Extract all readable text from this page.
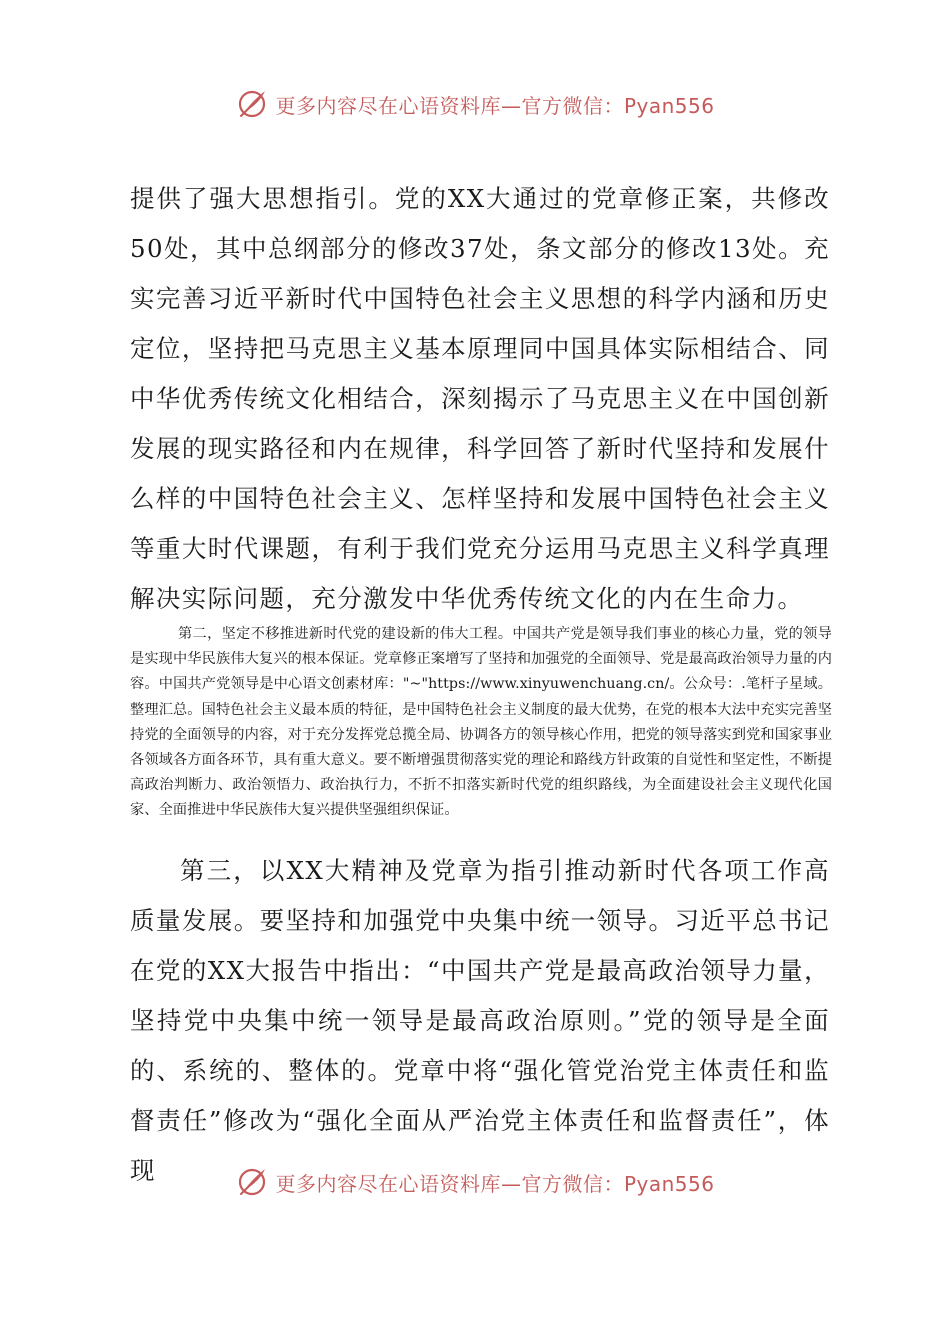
更多内容尽在心语资料库—官方微信：Pyan556

提供了强大思想指引。党的XX大通过的党章修正案，共修改50处，其中总纲部分的修改37处，条文部分的修改13处。充实完善习近平新时代中国特色社会主义思想的科学内涵和历史定位，坚持把马克思主义基本原理同中国具体实际相结合、同中华优秀传统文化相结合，深刻揭示了马克思主义在中国创新发展的现实路径和内在规律，科学回答了新时代坚持和发展什么样的中国特色社会主义、怎样坚持和发展中国特色社会主义等重大时代课题，有利于我们党充分运用马克思主义科学真理解决实际问题，充分激发中华优秀传统文化的内在生命力。

第二，坚定不移推进新时代党的建设新的伟大工程。中国共产党是领导我们事业的核心力量，党的领导是实现中华民族伟大复兴的根本保证。党章修正案增写了坚持和加强党的全面领导、党是最高政治领导力量的内容。中国共产党领导是中心语文创素材库："~"https://www.xinyuwenchuang.cn/。公众号：.笔杆子星域。整理汇总。国特色社会主义最本质的特征，是中国特色社会主义制度的最大优势，在党的根本大法中充实完善坚持党的全面领导的内容，对于充分发挥党总揽全局、协调各方的领导核心作用，把党的领导落实到党和国家事业各领域各方面各环节，具有重大意义。要不断增强贯彻落实党的理论和路线方针政策的自觉性和坚定性，不断提高政治判断力、政治领悟力、政治执行力，不折不扣落实新时代党的组织路线，为全面建设社会主义现代化国家、全面推进中华民族伟大复兴提供坚强组织保证。

第三，以XX大精神及党章为指引推动新时代各项工作高质量发展。要坚持和加强党中央集中统一领导。习近平总书记在党的XX大报告中指出：“中国共产党是最高政治领导力量，坚持党中央集中统一领导是最高政治原则。”党的领导是全面的、系统的、整体的。党章中将“强化管党治党主体责任和监督责任”修改为“强化全面从严治党主体责任和监督责任”，体现	更多内容尽在心语资料库—官方微信：Pyan556
